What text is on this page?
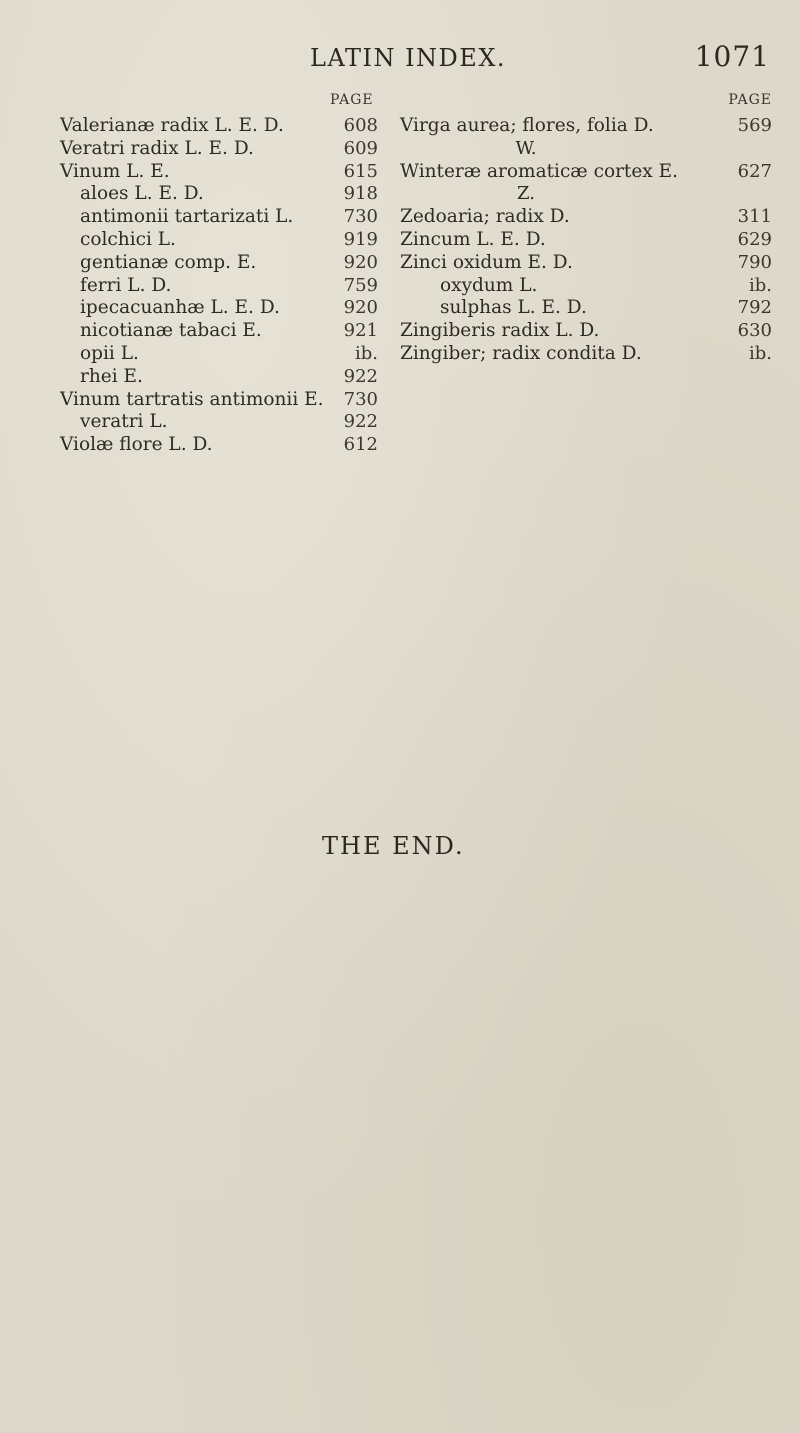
LATIN INDEX.	1071
PAGE	PAGE
Valerianæ radix L. E. D.	608
Veratri radix L. E. D.	609
Vinum L. E.	615
aloes L. E. D.	918
antimonii tartarizati L.	730
colchici L.	919
gentianæ comp. E.	920
ferri L. D.	759
ipecacuanhæ L. E. D.	920
nicotianæ tabaci E.	921
opii L.	ib.
rhei E.	922
Vinum tartratis antimonii E. 730
veratri L.	922
Violæ flore L. D.	612
Virga aurea; flores, folia D.	569
W.
Winteræ aromaticæ cortex E.	627
Z.
Zedoaria; radix D.	311
Zincum L. E. D.	629
Zinci oxidum E. D.	790
oxydum L.	ib.
sulphas L. E. D.	792
Zingiberis radix L. D.	630
Zingiber; radix condita D.	ib.
THE END.
